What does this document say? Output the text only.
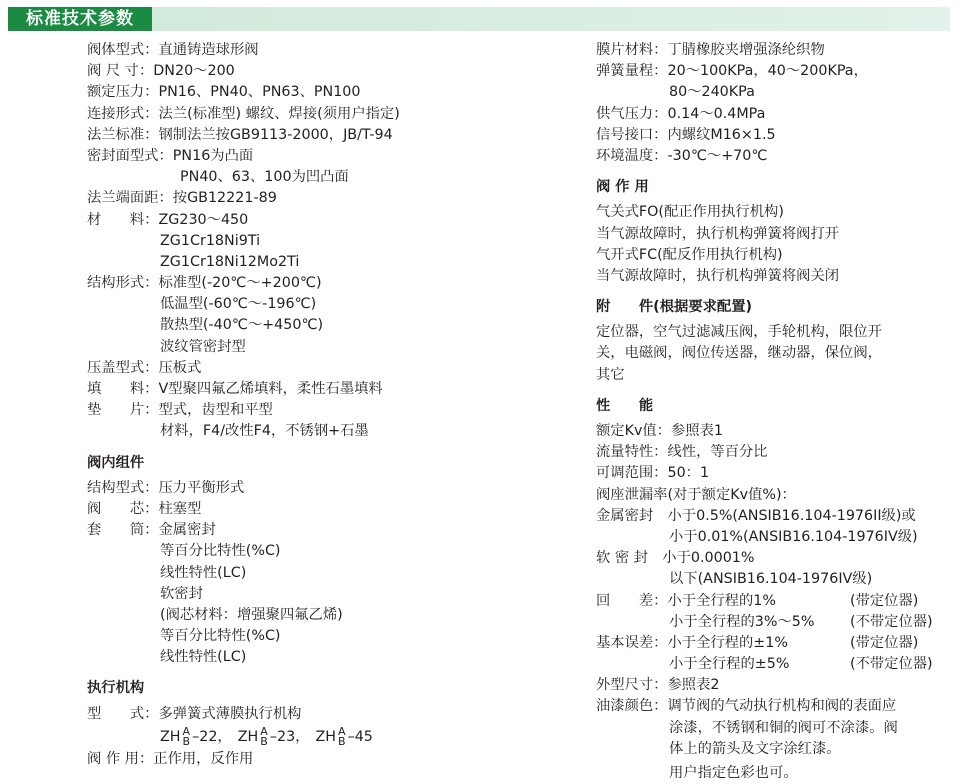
标准技术参数
阀体型式：直通铸造球形阀
阀 尺 寸：DN20～200
额定压力：PN16、PN40、PN63、PN100
连接形式：法兰(标准型) 螺纹、焊接(须用户指定)
法兰标准：钢制法兰按GB9113-2000，JB/T-94
密封面型式：PN16为凸面
PN40、63、100为凹凸面
法兰端面距：按GB12221-89
材　　料：ZG230～450
ZG1Cr18Ni9Ti
ZG1Cr18Ni12Mo2Ti
结构形式：标准型(-20℃～+200℃)
低温型(-60℃～-196℃)
散热型(-40℃～+450℃)
波纹管密封型
压盖型式：压板式
填　　料：V型聚四氟乙烯填料，柔性石墨填料
垫　　片：型式，齿型和平型
材料，F4/改性F4，不锈钢+石墨
阀内组件
结构型式：压力平衡形式
阀　　芯：柱塞型
套　　筒：金属密封
等百分比特性(%C)
线性特性(LC)
软密封
(阀芯材料：增强聚四氟乙烯)
等百分比特性(%C)
线性特性(LC)
执行机构
型　　式：多弹簧式薄膜执行机构
ZH A
B –22， ZH A
B –23， ZH A
B –45
阀 作 用：正作用，反作用
膜片材料：丁腈橡胶夹增强涤纶织物
弹簧量程：20～100KPa，40～200KPa，
80～240KPa
供气压力：0.14～0.4MPa
信号接口：内螺纹M16×1.5
环境温度：-30℃～+70℃
阀 作 用
气关式FO(配正作用执行机构)
当气源故障时，执行机构弹簧将阀打开
气开式FC(配反作用执行机构)
当气源故障时，执行机构弹簧将阀关闭
附　　件(根据要求配置)
定位器，空气过滤减压阀，手轮机构，限位开
关，电磁阀，阀位传送器，继动器，保位阀，
其它
性　　能
额定Kv值：参照表1
流量特性：线性，等百分比
可调范围：50：1
阀座泄漏率(对于额定Kv值%)：
金属密封　小于0.5%(ANSIB16.104-1976II级)或
小于0.01%(ANSIB16.104-1976IV级)
软 密 封　小于0.0001%
以下(ANSIB16.104-1976IV级)
回　　差：小于全行程的1%	(带定位器)
小于全行程的3%～5% (不带定位器)
基本误差：小于全行程的±1%	(带定位器)
小于全行程的±5%	(不带定位器)
外型尺寸：参照表2
油漆颜色：调节阀的气动执行机构和阀的表面应
涂漆，不锈钢和铜的阀可不涂漆。阀
体上的箭头及文字涂红漆。
用户指定色彩也可。
